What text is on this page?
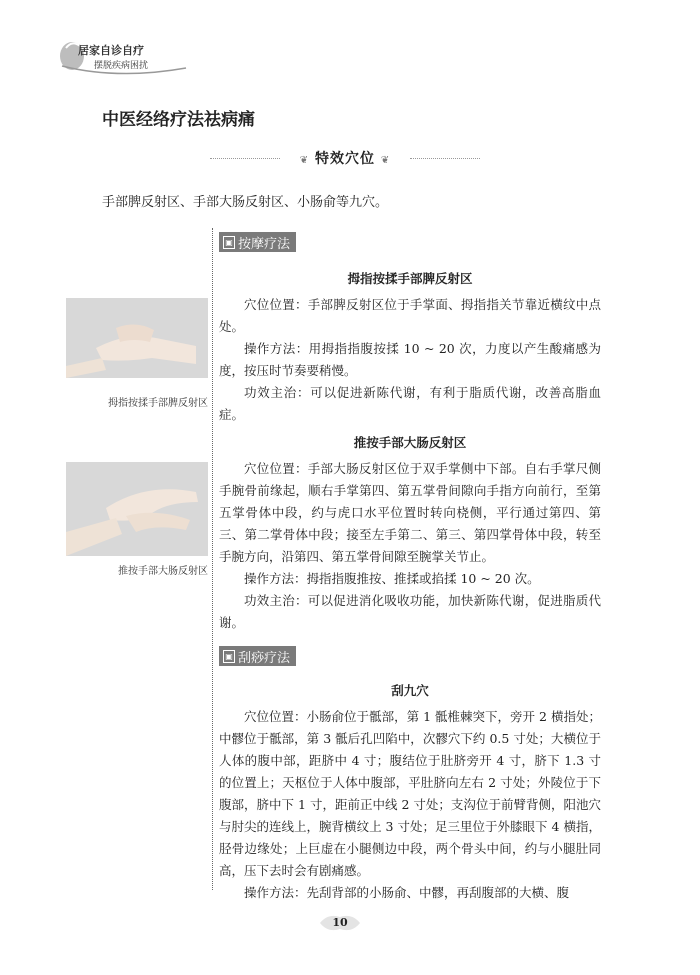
居家自诊自疗
摆脱疾病困扰
中医经络疗法祛病痛
❦ 特效穴位 ❦
手部脾反射区、手部大肠反射区、小肠俞等九穴。
▣ 按摩疗法
拇指按揉手部脾反射区
推按手部大肠反射区
拇指按揉手部脾反射区

穴位位置：手部脾反射区位于手掌面、拇指指关节靠近横纹中点处。

操作方法：用拇指指腹按揉 10 ~ 20 次，力度以产生酸痛感为度，按压时节奏要稍慢。

功效主治：可以促进新陈代谢，有利于脂质代谢，改善高脂血症。

推按手部大肠反射区

穴位位置：手部大肠反射区位于双手掌侧中下部。自右手掌尺侧手腕骨前缘起，顺右手掌第四、第五掌骨间隙向手指方向前行，至第五掌骨体中段，约与虎口水平位置时转向桡侧，平行通过第四、第三、第二掌骨体中段；接至左手第二、第三、第四掌骨体中段，转至手腕方向，沿第四、第五掌骨间隙至腕掌关节止。

操作方法：拇指指腹推按、推揉或掐揉 10 ~ 20 次。

功效主治：可以促进消化吸收功能，加快新陈代谢，促进脂质代谢。

▣ 刮痧疗法
刮九穴

穴位位置：小肠俞位于骶部，第 1 骶椎棘突下，旁开 2 横指处；中髎位于骶部，第 3 骶后孔凹陷中，次髎穴下约 0.5 寸处；大横位于人体的腹中部，距脐中 4 寸；腹结位于肚脐旁开 4 寸，脐下 1.3 寸的位置上；天枢位于人体中腹部，平肚脐向左右 2 寸处；外陵位于下腹部，脐中下 1 寸，距前正中线 2 寸处；支沟位于前臂背侧，阳池穴与肘尖的连线上，腕背横纹上 3 寸处；足三里位于外膝眼下 4 横指，胫骨边缘处；上巨虚在小腿侧边中段，两个骨头中间，约与小腿肚同高，压下去时会有剧痛感。

操作方法：先刮背部的小肠俞、中髎，再刮腹部的大横、腹

10
